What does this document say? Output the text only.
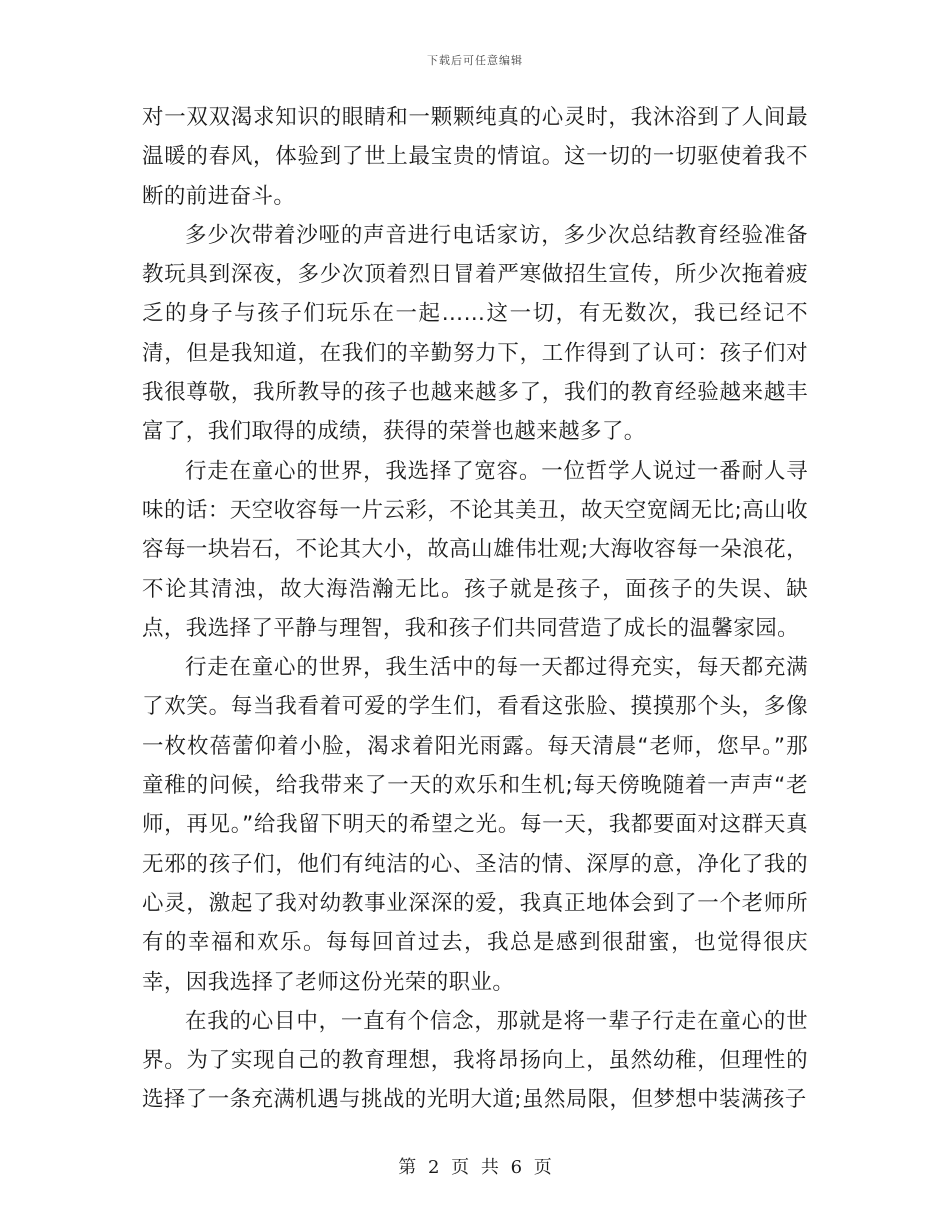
下载后可任意编辑

对一双双渴求知识的眼睛和一颗颗纯真的心灵时，我沐浴到了人间最温暖的春风，体验到了世上最宝贵的情谊。这一切的一切驱使着我不断的前进奋斗。

多少次带着沙哑的声音进行电话家访，多少次总结教育经验准备教玩具到深夜，多少次顶着烈日冒着严寒做招生宣传，所少次拖着疲乏的身子与孩子们玩乐在一起……这一切，有无数次，我已经记不清，但是我知道，在我们的辛勤努力下，工作得到了认可：孩子们对我很尊敬，我所教导的孩子也越来越多了，我们的教育经验越来越丰富了，我们取得的成绩，获得的荣誉也越来越多了。

行走在童心的世界，我选择了宽容。一位哲学人说过一番耐人寻味的话：天空收容每一片云彩，不论其美丑，故天空宽阔无比;高山收容每一块岩石，不论其大小，故高山雄伟壮观;大海收容每一朵浪花，不论其清浊，故大海浩瀚无比。孩子就是孩子，面孩子的失误、缺点，我选择了平静与理智，我和孩子们共同营造了成长的温馨家园。

行走在童心的世界，我生活中的每一天都过得充实，每天都充满了欢笑。每当我看着可爱的学生们，看看这张脸、摸摸那个头，多像一枚枚蓓蕾仰着小脸，渴求着阳光雨露。每天清晨“老师，您早。”那童稚的问候，给我带来了一天的欢乐和生机;每天傍晚随着一声声“老师，再见。”给我留下明天的希望之光。每一天，我都要面对这群天真无邪的孩子们，他们有纯洁的心、圣洁的情、深厚的意，净化了我的心灵，激起了我对幼教事业深深的爱，我真正地体会到了一个老师所有的幸福和欢乐。每每回首过去，我总是感到很甜蜜，也觉得很庆幸，因我选择了老师这份光荣的职业。

在我的心目中，一直有个信念，那就是将一辈子行走在童心的世界。为了实现自己的教育理想，我将昂扬向上，虽然幼稚，但理性的选择了一条充满机遇与挑战的光明大道;虽然局限，但梦想中装满孩子

第 2 页 共 6 页
